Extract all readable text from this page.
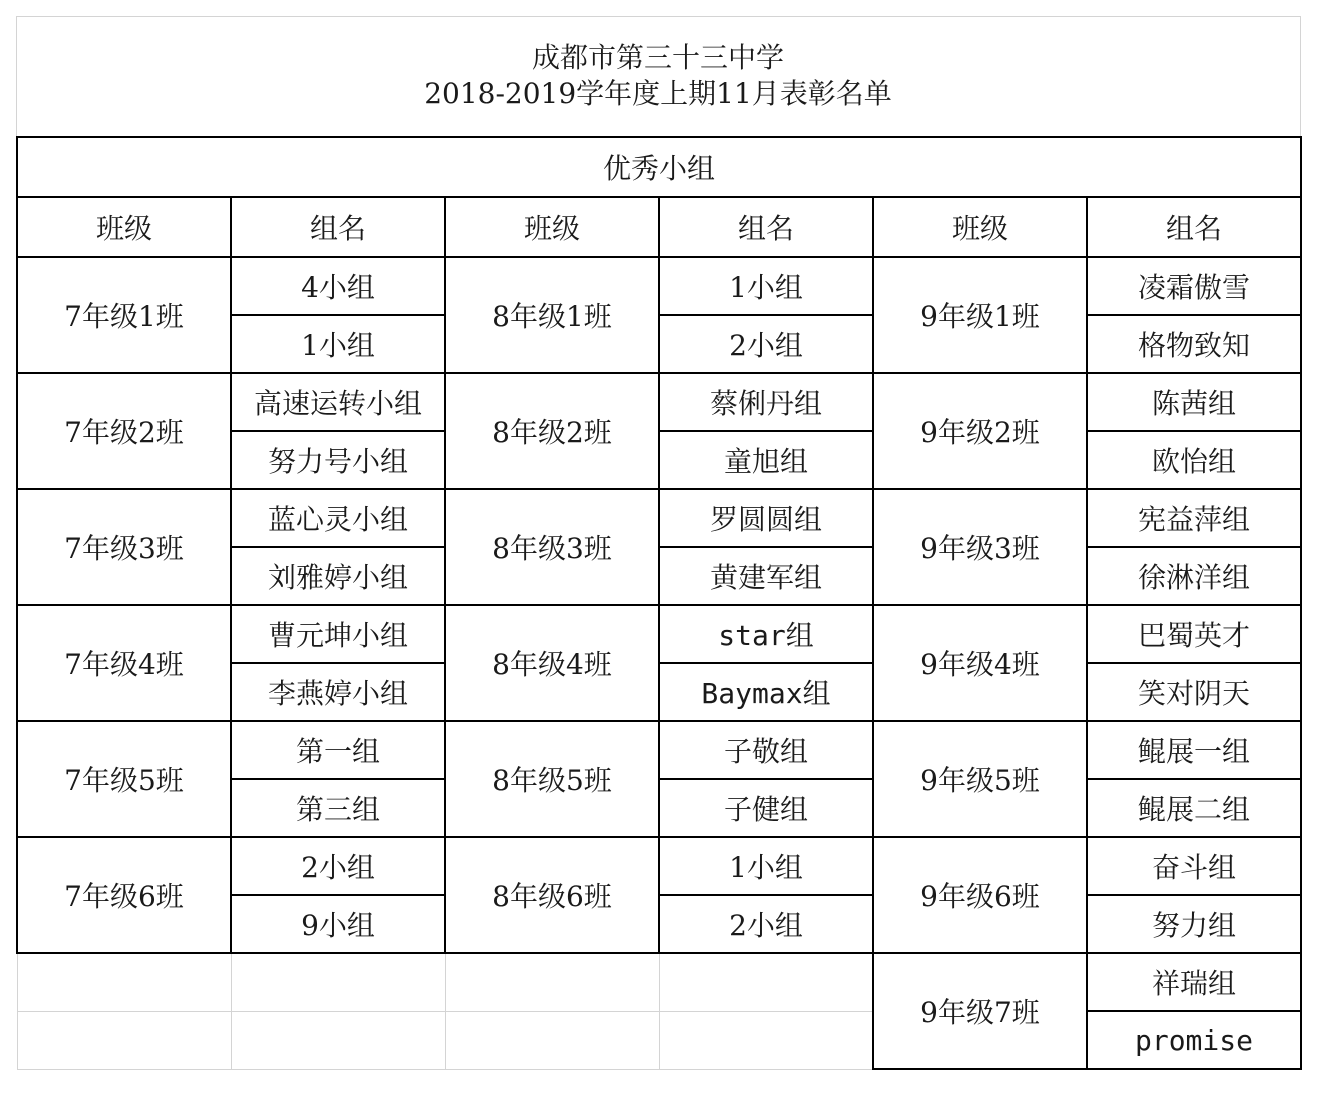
成都市第三十三中学
2018-2019学年度上期11月表彰名单
优秀小组					
班级	组名	班级	组名	班级	组名
7年级1班	4小组	8年级1班	1小组	9年级1班	凌霜傲雪
	1小组		2小组		格物致知
7年级2班	高速运转小组	8年级2班	蔡俐丹组	9年级2班	陈茜组
	努力号小组		童旭组		欧怡组
7年级3班	蓝心灵小组	8年级3班	罗圆圆组	9年级3班	宪益萍组
	刘雅婷小组		黄建军组		徐淋洋组
7年级4班	曹元坤小组	8年级4班	star组	9年级4班	巴蜀英才
	李燕婷小组		Baymax组		笑对阴天
7年级5班	第一组	8年级5班	子敬组	9年级5班	鲲展一组
	第三组		子健组		鲲展二组
7年级6班	2小组	8年级6班	1小组	9年级6班	奋斗组
	9小组		2小组		努力组
				9年级7班	祥瑞组
					promise
